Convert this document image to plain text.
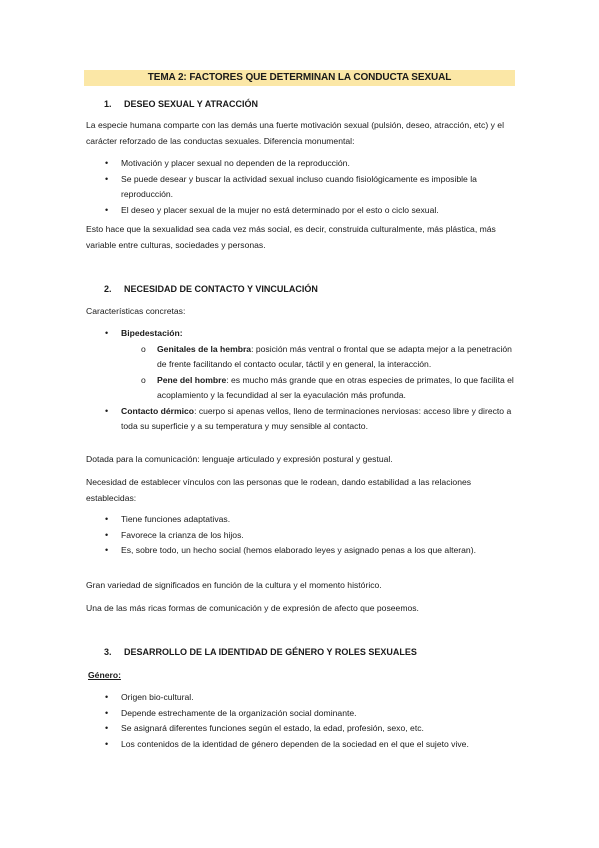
TEMA 2: FACTORES QUE DETERMINAN LA CONDUCTA SEXUAL
1. DESEO SEXUAL Y ATRACCIÓN
La especie humana comparte con las demás una fuerte motivación sexual (pulsión, deseo, atracción, etc) y el carácter reforzado de las conductas sexuales. Diferencia monumental:
• Motivación y placer sexual no dependen de la reproducción.
• Se puede desear y buscar la actividad sexual incluso cuando fisiológicamente es imposible la reproducción.
• El deseo y placer sexual de la mujer no está determinado por el esto o ciclo sexual.
Esto hace que la sexualidad sea cada vez más social, es decir, construida culturalmente, más plástica, más variable entre culturas, sociedades y personas.
2. NECESIDAD DE CONTACTO Y VINCULACIÓN
Características concretas:
• Bipedestación:
o Genitales de la hembra: posición más ventral o frontal que se adapta mejor a la penetración de frente facilitando el contacto ocular, táctil y en general, la interacción.
o Pene del hombre: es mucho más grande que en otras especies de primates, lo que facilita el acoplamiento y la fecundidad al ser la eyaculación más profunda.
• Contacto dérmico: cuerpo si apenas vellos, lleno de terminaciones nerviosas: acceso libre y directo a toda su superficie y a su temperatura y muy sensible al contacto.
Dotada para la comunicación: lenguaje articulado y expresión postural y gestual.
Necesidad de establecer vínculos con las personas que le rodean, dando estabilidad a las relaciones establecidas:
• Tiene funciones adaptativas.
• Favorece la crianza de los hijos.
• Es, sobre todo, un hecho social (hemos elaborado leyes y asignado penas a los que alteran).
Gran variedad de significados en función de la cultura y el momento histórico.
Una de las más ricas formas de comunicación y de expresión de afecto que poseemos.
3. DESARROLLO DE LA IDENTIDAD DE GÉNERO Y ROLES SEXUALES
Género:
• Origen bio-cultural.
• Depende estrechamente de la organización social dominante.
• Se asignará diferentes funciones según el estado, la edad, profesión, sexo, etc.
• Los contenidos de la identidad de género dependen de la sociedad en el que el sujeto vive.
